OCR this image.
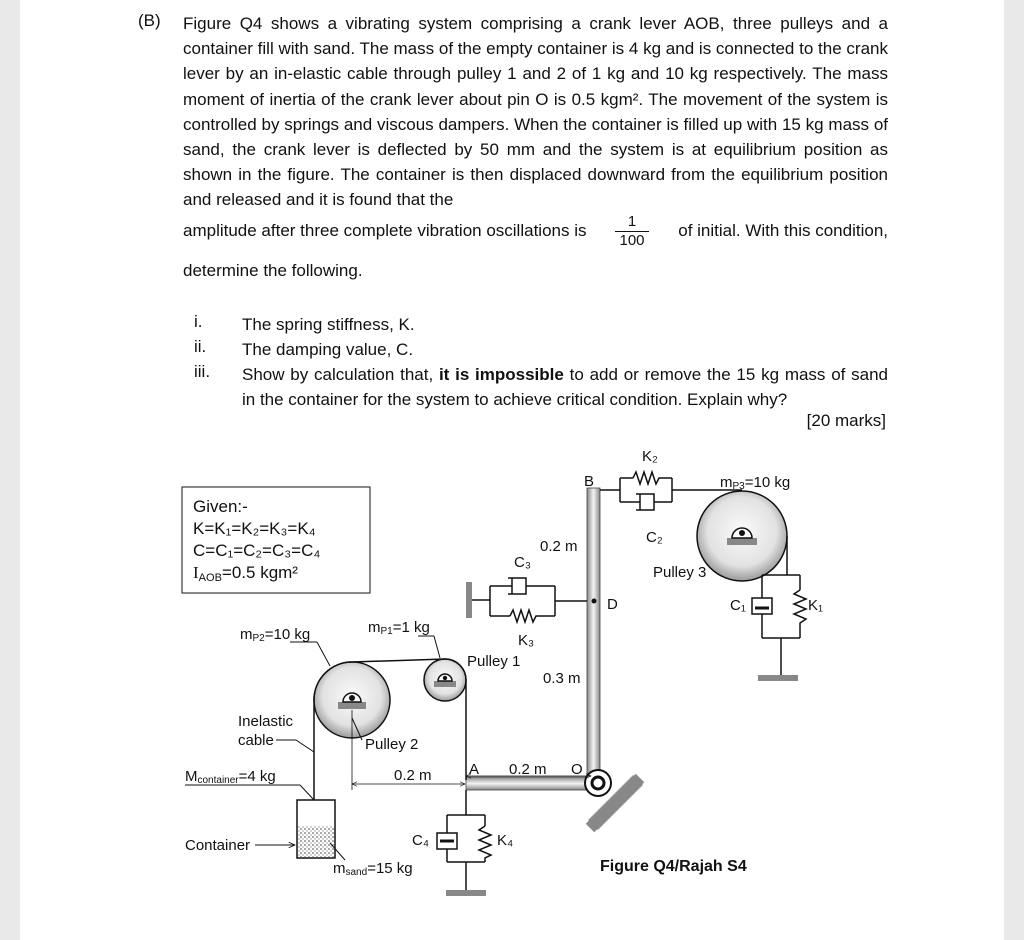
(B) Figure Q4 shows a vibrating system comprising a crank lever AOB, three pulleys and a container fill with sand. The mass of the empty container is 4 kg and is connected to the crank lever by an in-elastic cable through pulley 1 and 2 of 1 kg and 10 kg respectively. The mass moment of inertia of the crank lever about pin O is 0.5 kgm². The movement of the system is controlled by springs and viscous dampers. When the container is filled up with 15 kg mass of sand, the crank lever is deflected by 50 mm and the system is at equilibrium position as shown in the figure. The container is then displaced downward from the equilibrium position and released and it is found that the

amplitude after three complete vibration oscillations is $\frac{1}{100}$ of initial. With this condition,
determine the following.
i. The spring stiffness, K.
ii. The damping value, C.
iii. Show by calculation that, it is impossible to add or remove the 15 kg mass of sand in the container for the system to achieve critical condition. Explain why?
[20 marks]
Given:-
K=K₁=K₂=K₃=K₄
C=C₁=C₂=C₃=C₄
IAOB=0.5 kgm²
K₂
C₂
B	mP3=10 kg
Pulley 3
C₁	K₁
C₃
K₃
D
0.2 m
0.3 m
0.2 m
A	O
mP2=10 kg
Pulley 2
mP1=1 kg
Pulley 1
Inelastic
cable
0.2 m
Mcontainer=4 kg
Container
msand=15 kg
C₄	K₄
Figure Q4/Rajah S4
